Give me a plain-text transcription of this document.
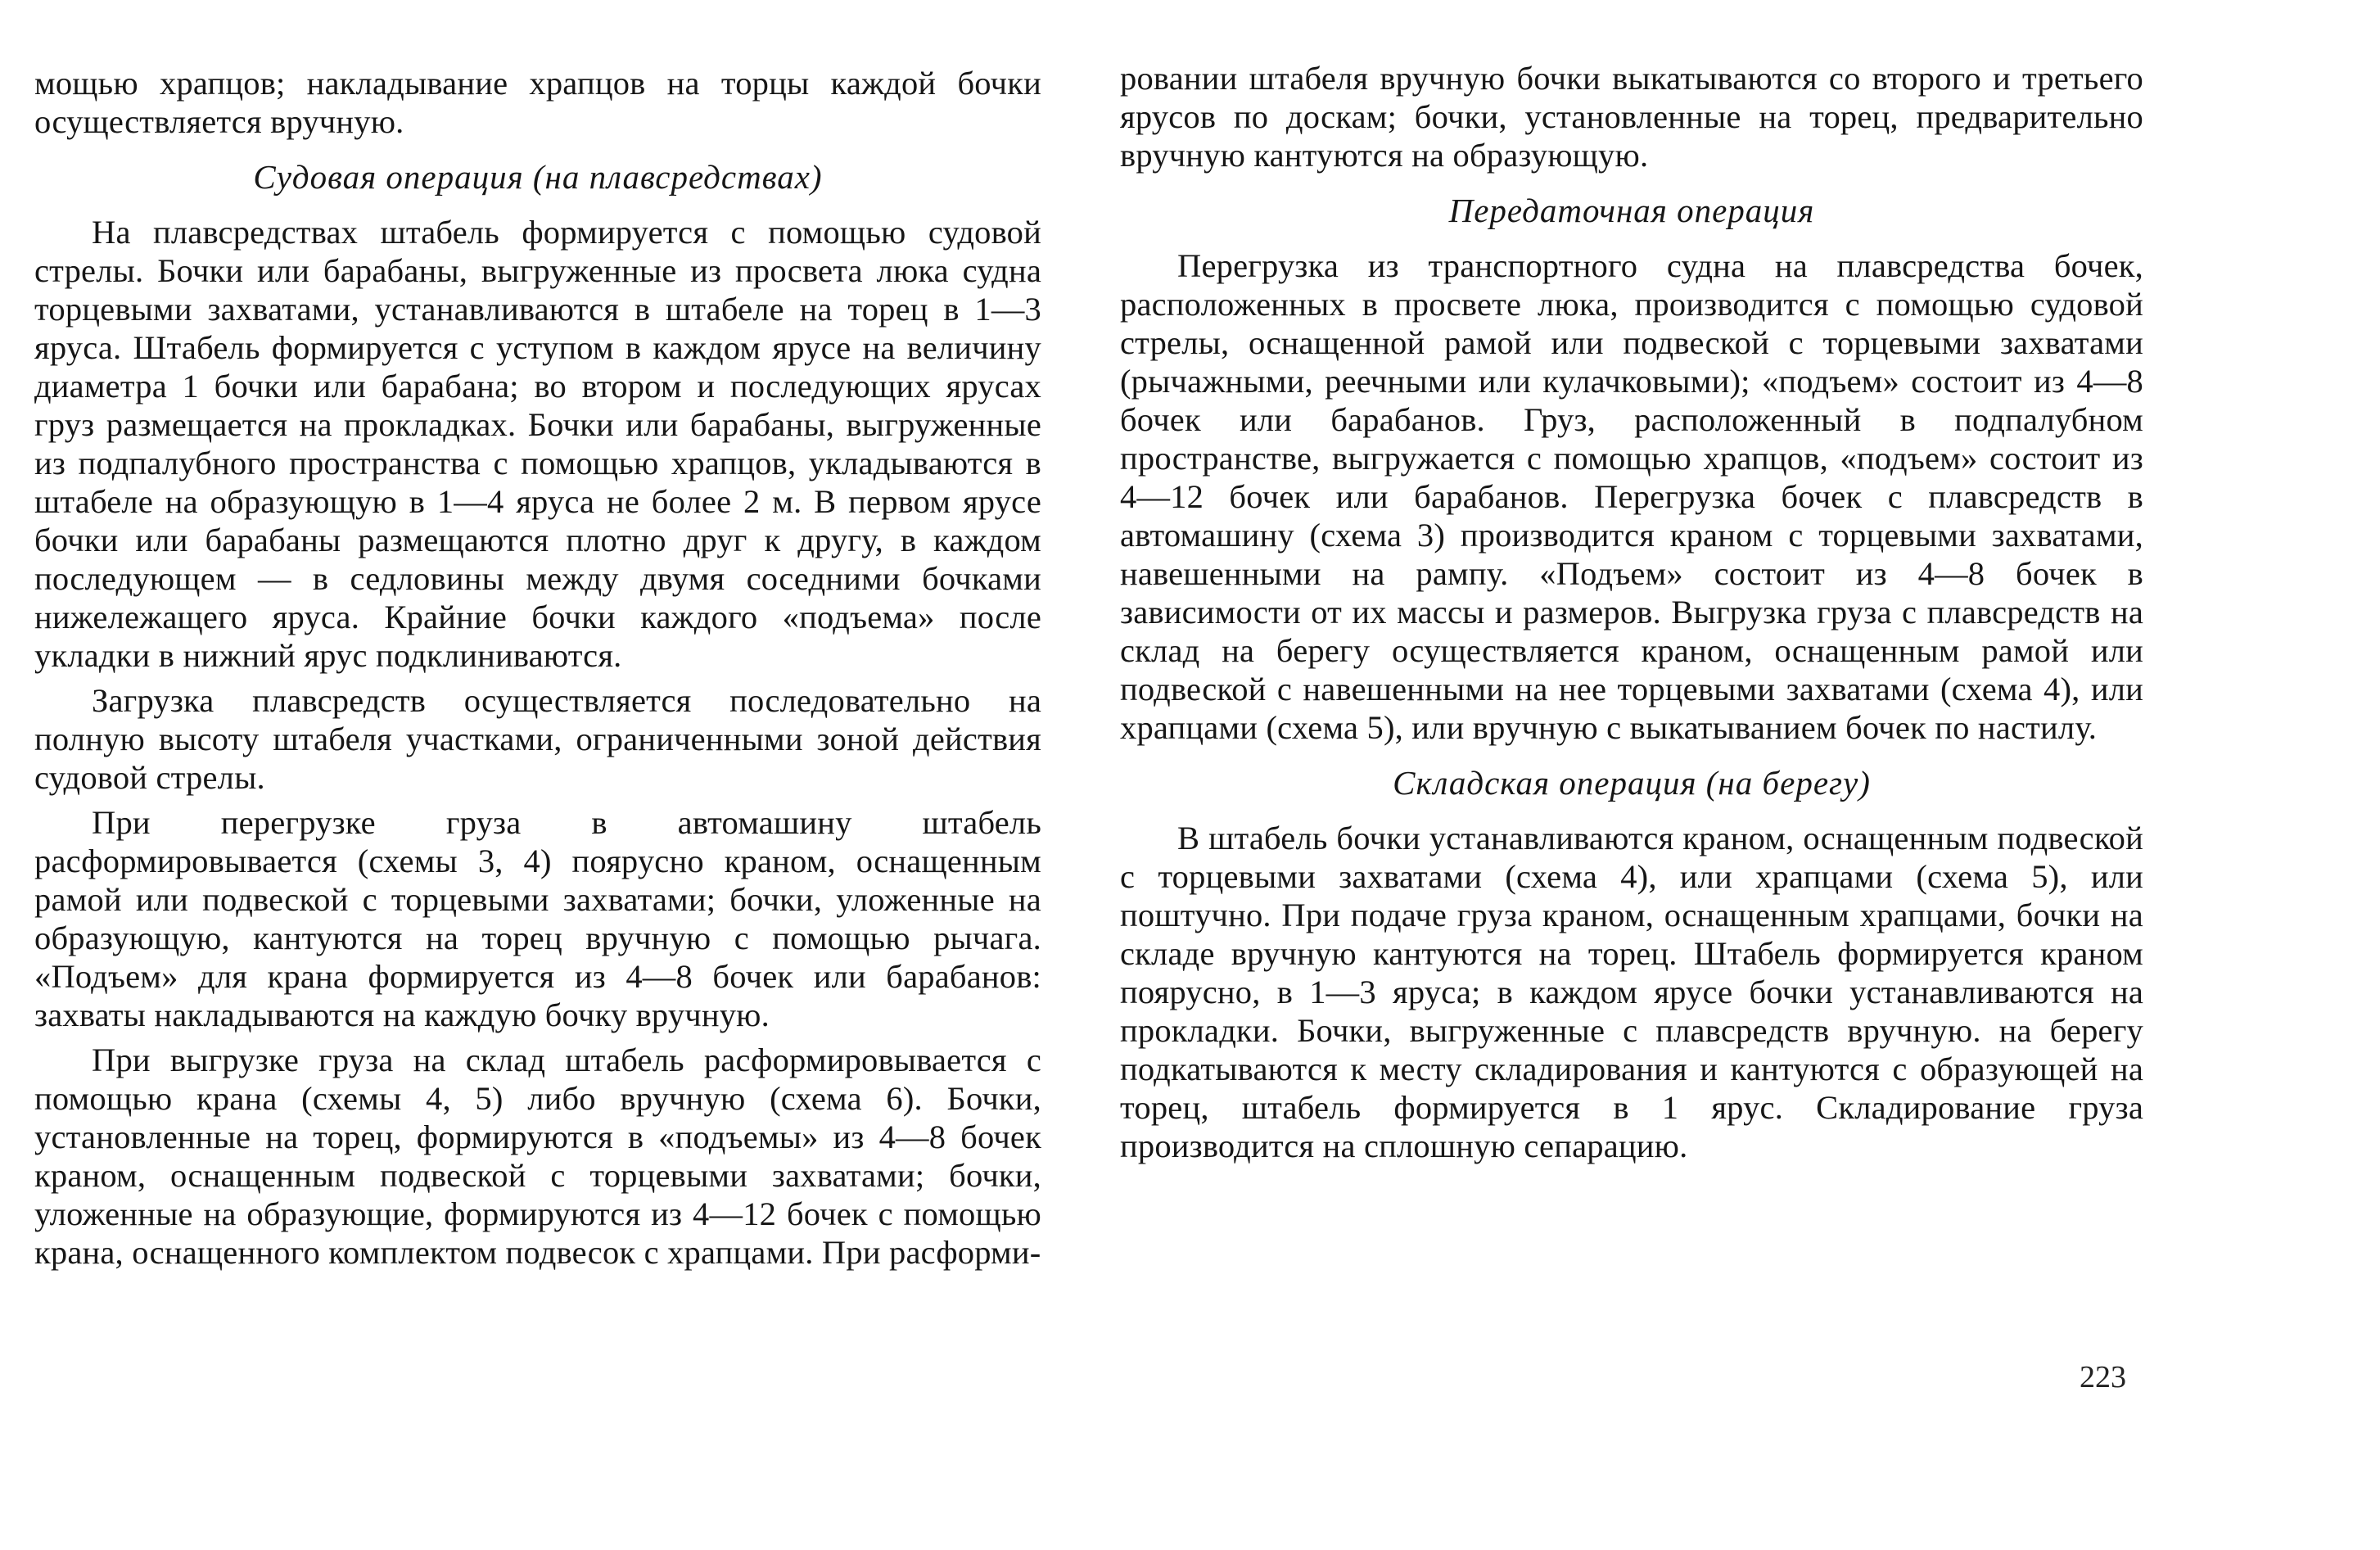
мощью храпцов; накладывание храпцов на торцы каждой бочки осуществляется вручную.

Судовая операция (на плавсредствах)

На плавсредствах штабель формируется с помощью судовой стрелы. Бочки или барабаны, выгруженные из просвета люка судна торцевыми захватами, устанавливаются в штабеле на торец в 1—3 яруса. Штабель формируется с уступом в каждом ярусе на величину диаметра 1 бочки или барабана; во втором и последующих ярусах груз размещается на прокладках. Бочки или барабаны, выгруженные из подпалубного пространства с помощью храпцов, укладываются в штабеле на образующую в 1—4 яруса не более 2 м. В первом ярусе бочки или барабаны размещаются плотно друг к другу, в каждом последующем — в седловины между двумя соседними бочками нижележащего яруса. Крайние бочки каждого «подъема» после укладки в нижний ярус подклиниваются.

Загрузка плавсредств осуществляется последовательно на полную высоту штабеля участками, ограниченными зоной действия судовой стрелы.

При перегрузке груза в автомашину штабель расформировывается (схемы 3, 4) поярусно краном, оснащенным рамой или подвеской с торцевыми захватами; бочки, уложенные на образующую, кантуются на торец вручную с помощью рычага. «Подъем» для крана формируется из 4—8 бочек или барабанов: захваты накладываются на каждую бочку вручную.

При выгрузке груза на склад штабель расформировывается с помощью крана (схемы 4, 5) либо вручную (схема 6). Бочки, установленные на торец, формируются в «подъемы» из 4—8 бочек краном, оснащенным подвеской с торцевыми захватами; бочки, уложенные на образующие, формируются из 4—12 бочек с помощью крана, оснащенного комплектом подвесок с храпцами. При расформи-

ровании штабеля вручную бочки выкатываются со второго и третьего ярусов по доскам; бочки, установленные на торец, предварительно вручную кантуются на образующую.

Передаточная операция

Перегрузка из транспортного судна на плавсредства бочек, расположенных в просвете люка, производится с помощью судовой стрелы, оснащенной рамой или подвеской с торцевыми захватами (рычажными, реечными или кулачковыми); «подъем» состоит из 4—8 бочек или барабанов. Груз, расположенный в подпалубном пространстве, выгружается с помощью храпцов, «подъем» состоит из 4—12 бочек или барабанов. Перегрузка бочек с плавсредств в автомашину (схема 3) производится краном с торцевыми захватами, навешенными на рампу. «Подъем» состоит из 4—8 бочек в зависимости от их массы и размеров. Выгрузка груза с плавсредств на склад на берегу осуществляется краном, оснащенным рамой или подвеской с навешенными на нее торцевыми захватами (схема 4), или храпцами (схема 5), или вручную с выкатыванием бочек по настилу.

Складская операция (на берегу)

В штабель бочки устанавливаются краном, оснащенным подвеской с торцевыми захватами (схема 4), или храпцами (схема 5), или поштучно. При подаче груза краном, оснащенным храпцами, бочки на складе вручную кантуются на торец. Штабель формируется краном поярусно, в 1—3 яруса; в каждом ярусе бочки устанавливаются на прокладки. Бочки, выгруженные с плавсредств вручную. на берегу подкатываются к месту складирования и кантуются с образующей на торец, штабель формируется в 1 ярус. Складирование груза производится на сплошную сепарацию.

223
